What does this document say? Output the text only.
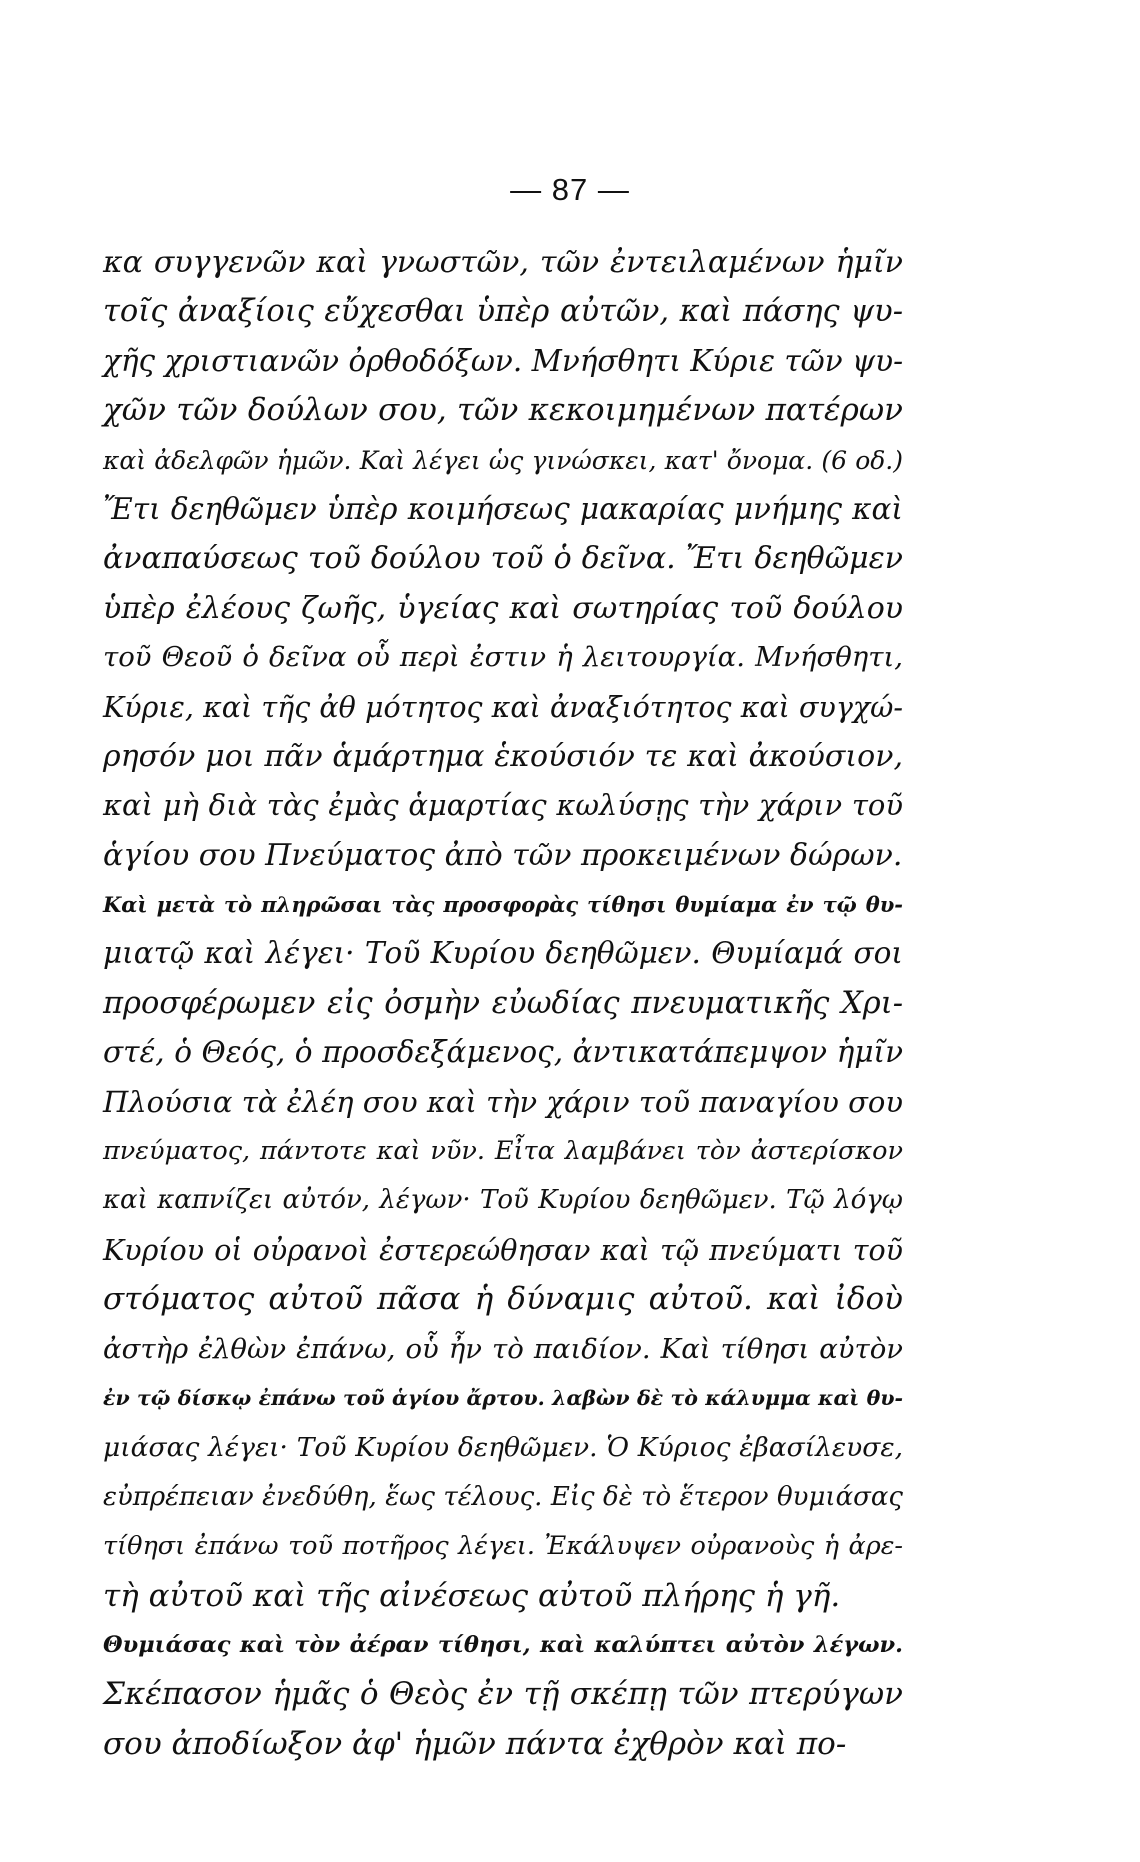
— 87 —
κα συγγενῶν καὶ γνωστῶν, τῶν ἐντειλαμένων ἡμῖν
τοῖς ἀναξίοις εὔχεσθαι ὑπὲρ αὐτῶν, καὶ πάσης ψυ-
χῆς χριστιανῶν ὀρθοδόξων. Μνήσθητι Κύριε τῶν ψυ-
χῶν τῶν δούλων σου, τῶν κεκοιμημένων πατέρων
καὶ ἀδελφῶν ἡμῶν. Καὶ λέγει ὡς γινώσκει, κατ' ὄνομα. (6 οδ.)
Ἔτι δεηθῶμεν ὑπὲρ κοιμήσεως μακαρίας μνήμης καὶ
ἀναπαύσεως τοῦ δούλου τοῦ ὁ δεῖνα. Ἔτι δεηθῶμεν
ὑπὲρ ἐλέους ζωῆς, ὑγείας καὶ σωτηρίας τοῦ δούλου
τοῦ Θεοῦ ὁ δεῖνα οὗ περὶ ἐστιν ἡ λειτουργία. Μνήσθητι,
Κύριε, καὶ τῆς ἀθ μότητος καὶ ἀναξιότητος καὶ συγχώ-
ρησόν μοι πᾶν ἁμάρτημα ἑκούσιόν τε καὶ ἀκούσιον,
καὶ μὴ διὰ τὰς ἐμὰς ἁμαρτίας κωλύσῃς τὴν χάριν τοῦ
ἁγίου σου Πνεύματος ἀπὸ τῶν προκειμένων δώρων.
Καὶ μετὰ τὸ πληρῶσαι τὰς προσφορὰς τίθησι θυμίαμα ἐν τῷ θυ-
μιατῷ καὶ λέγει· Τοῦ Κυρίου δεηθῶμεν. Θυμίαμά σοι
προσφέρωμεν εἰς ὀσμὴν εὐωδίας πνευματικῆς Χρι-
στέ, ὁ Θεός, ὁ προσδεξάμενος, ἀντικατάπεμψον ἡμῖν
Πλούσια τὰ ἐλέη σου καὶ τὴν χάριν τοῦ παναγίου σου
πνεύματος, πάντοτε καὶ νῦν. Εἶτα λαμβάνει τὸν ἀστερίσκον
καὶ καπνίζει αὐτόν, λέγων· Τοῦ Κυρίου δεηθῶμεν. Τῷ λόγῳ
Κυρίου οἱ οὐρανοὶ ἐστερεώθησαν καὶ τῷ πνεύματι τοῦ
στόματος αὐτοῦ πᾶσα ἡ δύναμις αὐτοῦ. καὶ ἰδοὺ
ἀστὴρ ἐλθὼν ἐπάνω, οὗ ἦν τὸ παιδίον. Καὶ τίθησι αὐτὸν
ἐν τῷ δίσκῳ ἐπάνω τοῦ ἁγίου ἄρτου. λαβὼν δὲ τὸ κάλυμμα καὶ θυ-
μιάσας λέγει· Τοῦ Κυρίου δεηθῶμεν. Ὁ Κύριος ἐβασίλευσε,
εὐπρέπειαν ἐνεδύθη, ἕως τέλους. Εἰς δὲ τὸ ἕτερον θυμιάσας
τίθησι ἐπάνω τοῦ ποτῆρος λέγει. Ἐκάλυψεν οὐρανοὺς ἡ ἀρε-
τὴ αὐτοῦ καὶ τῆς αἰνέσεως αὐτοῦ πλήρης ἡ γῆ.
Θυμιάσας καὶ τὸν ἀέραν τίθησι, καὶ καλύπτει αὐτὸν λέγων.
Σκέπασον ἡμᾶς ὁ Θεὸς ἐν τῇ σκέπῃ τῶν πτερύγων
σου ἀποδίωξον ἀφ' ἡμῶν πάντα ἐχθρὸν καὶ πο-
